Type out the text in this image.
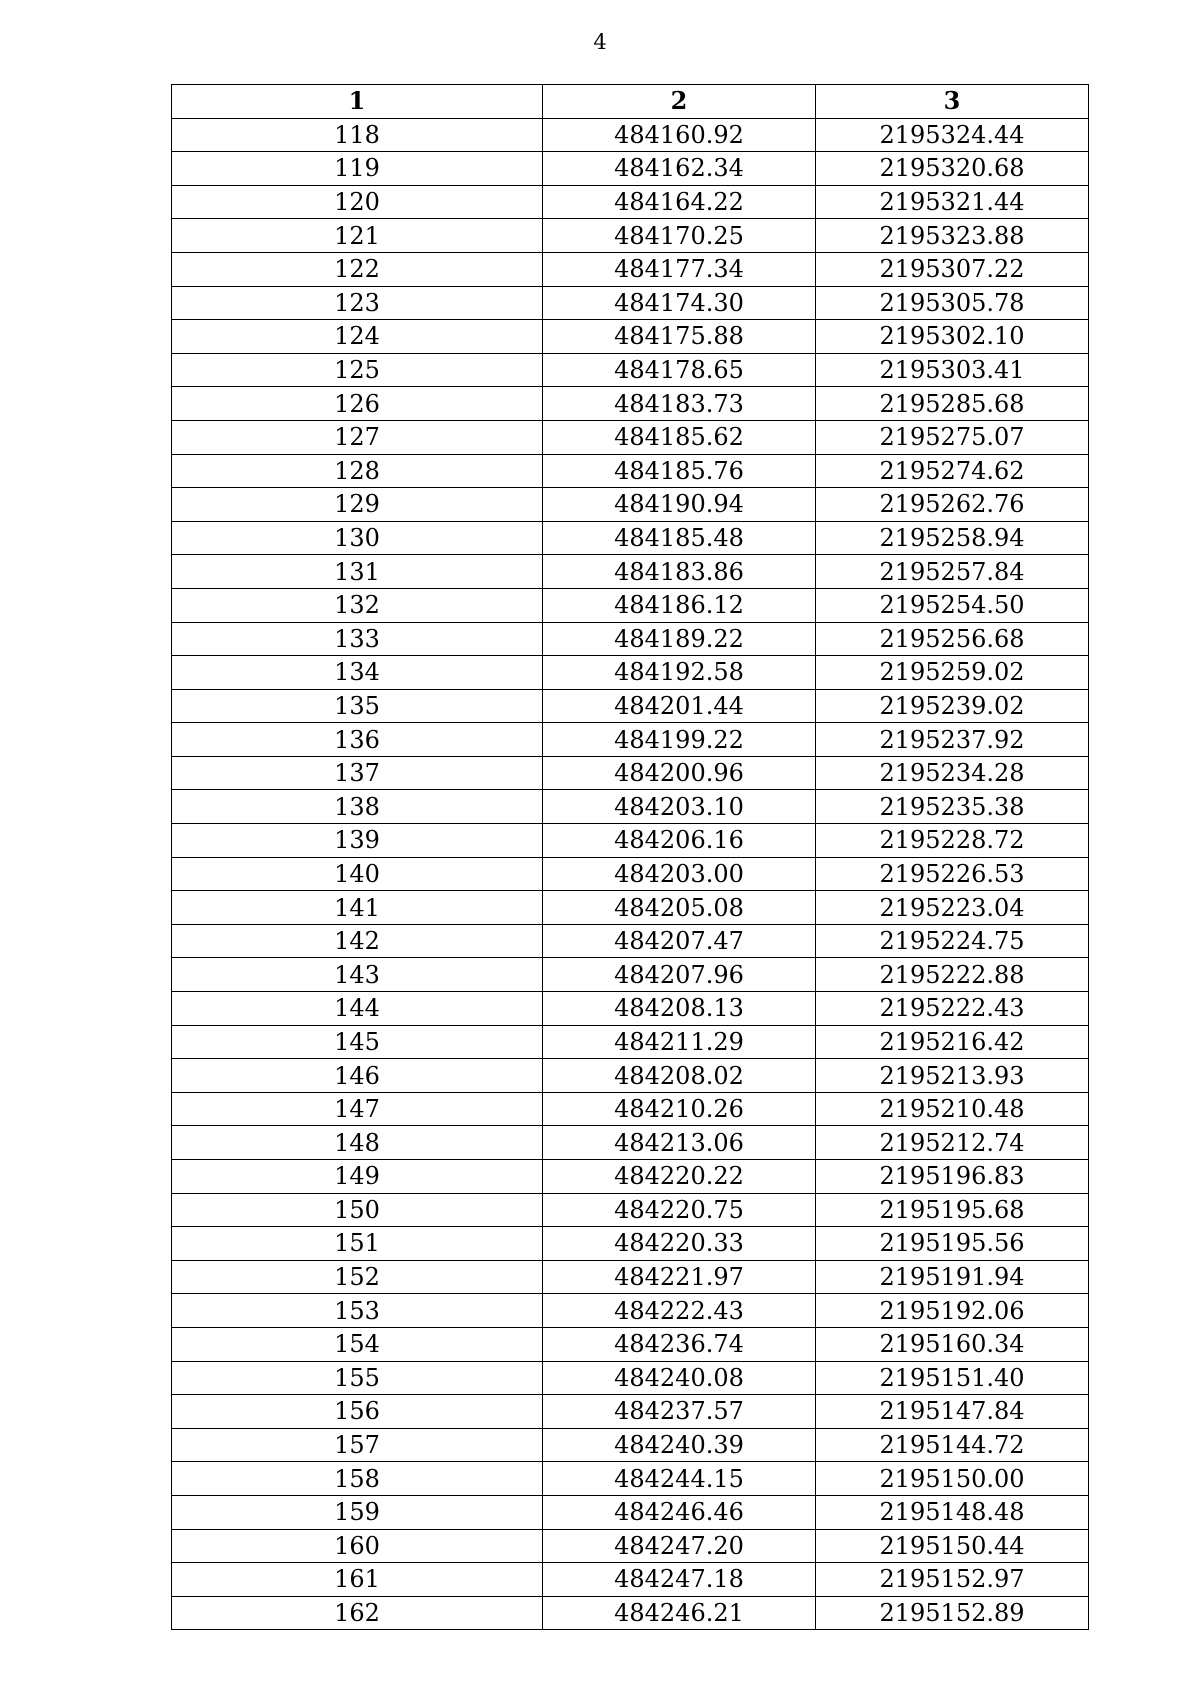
4
1	2	3
118	484160.92	2195324.44
119	484162.34	2195320.68
120	484164.22	2195321.44
121	484170.25	2195323.88
122	484177.34	2195307.22
123	484174.30	2195305.78
124	484175.88	2195302.10
125	484178.65	2195303.41
126	484183.73	2195285.68
127	484185.62	2195275.07
128	484185.76	2195274.62
129	484190.94	2195262.76
130	484185.48	2195258.94
131	484183.86	2195257.84
132	484186.12	2195254.50
133	484189.22	2195256.68
134	484192.58	2195259.02
135	484201.44	2195239.02
136	484199.22	2195237.92
137	484200.96	2195234.28
138	484203.10	2195235.38
139	484206.16	2195228.72
140	484203.00	2195226.53
141	484205.08	2195223.04
142	484207.47	2195224.75
143	484207.96	2195222.88
144	484208.13	2195222.43
145	484211.29	2195216.42
146	484208.02	2195213.93
147	484210.26	2195210.48
148	484213.06	2195212.74
149	484220.22	2195196.83
150	484220.75	2195195.68
151	484220.33	2195195.56
152	484221.97	2195191.94
153	484222.43	2195192.06
154	484236.74	2195160.34
155	484240.08	2195151.40
156	484237.57	2195147.84
157	484240.39	2195144.72
158	484244.15	2195150.00
159	484246.46	2195148.48
160	484247.20	2195150.44
161	484247.18	2195152.97
162	484246.21	2195152.89
